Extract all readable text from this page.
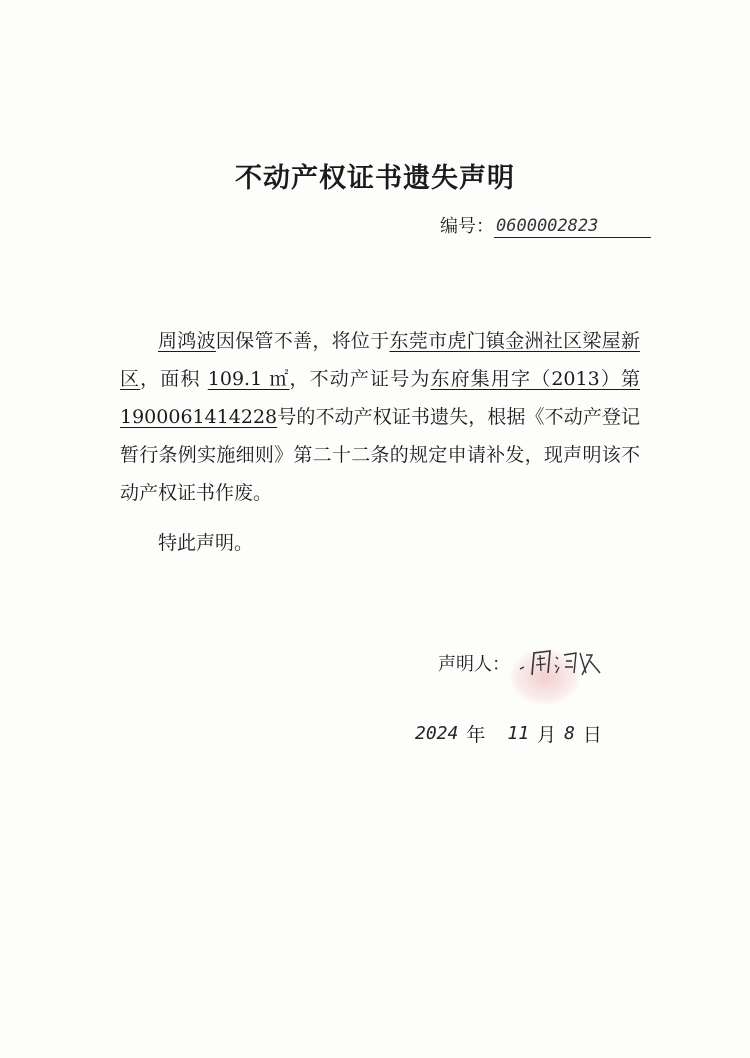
不动产权证书遗失声明
编号： 0600002823

周鸿波因保管不善，将位于东莞市虎门镇金洲社区梁屋新区，面积 109.1 ㎡，不动产证号为东府集用字（2013）第1900061414228号的不动产权证书遗失，根据《不动产登记暂行条例实施细则》第二十二条的规定申请补发，现声明该不动产权证书作废。

特此声明。
声明人：
2024 年 11 月 8 日
